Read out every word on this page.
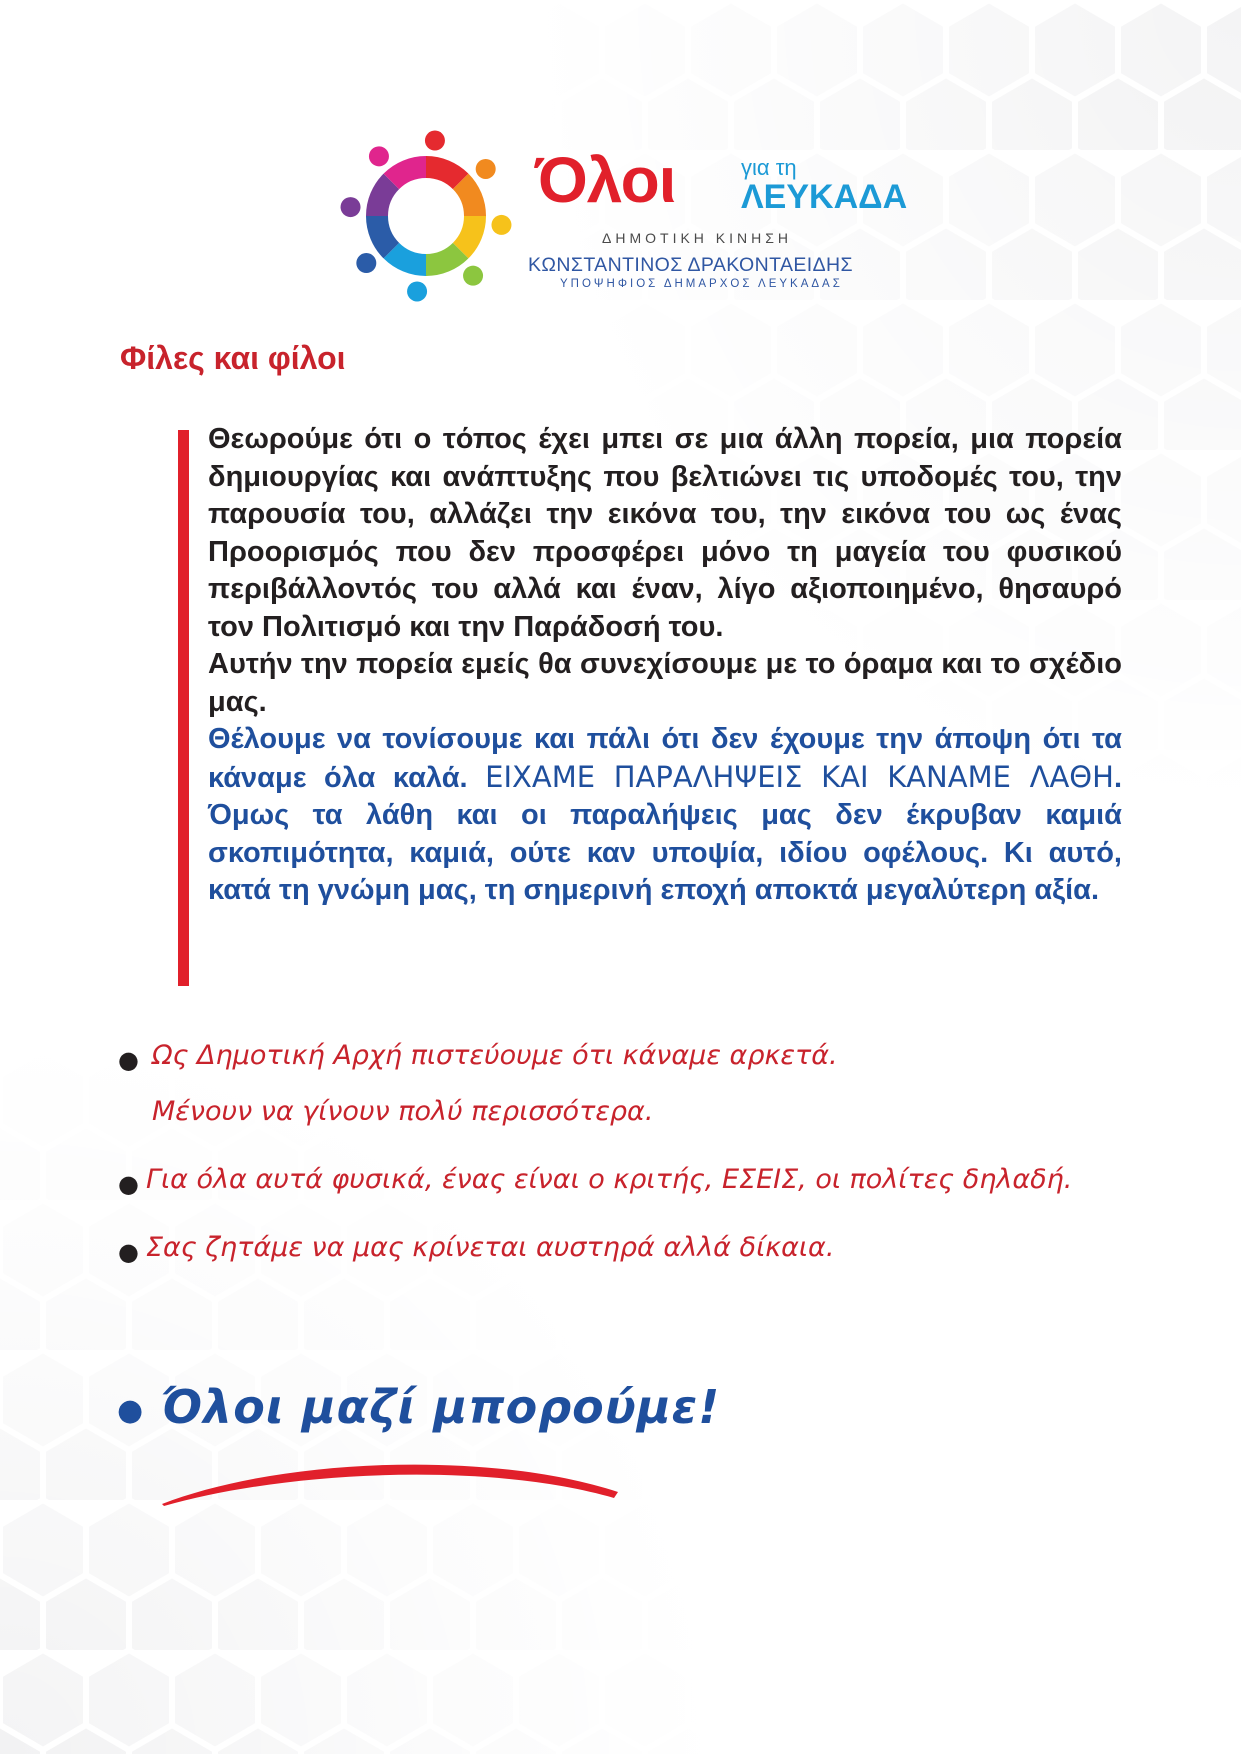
Όλοι	για τη
ΛΕΥΚΑΔΑ
ΔΗΜΟΤΙΚΗ ΚΙΝΗΣΗ
ΚΩΝΣΤΑΝΤΙΝΟΣ ΔΡΑΚΟΝΤΑΕΙΔΗΣ
ΥΠΟΨΗΦΙΟΣ ΔΗΜΑΡΧΟΣ ΛΕΥΚΑΔΑΣ
Φίλες και φίλοι

Θεωρούμε ότι ο τόπος έχει μπει σε μια άλλη πορεία, μια πορεία δημιουργίας και ανάπτυξης που βελτιώνει τις υποδομές του, την παρουσία του, αλλάζει την εικόνα του, την εικόνα του ως ένας Προορισμός που δεν προσφέρει μόνο τη μαγεία του φυσικού περιβάλλοντός του αλλά και έναν, λίγο αξιοποιημένο, θησαυρό τον Πολιτισμό και την Παράδοσή του.

Αυτήν την πορεία εμείς θα συνεχίσουμε με το όραμα και το σχέδιο μας.

Θέλουμε να τονίσουμε και πάλι ότι δεν έχουμε την άποψη ότι τα κάναμε όλα καλά. ΕΙΧΑΜΕ ΠΑΡΑΛΗΨΕΙΣ ΚΑΙ ΚΑΝΑΜΕ ΛΑΘΗ. Όμως τα λάθη και οι παραλήψεις μας δεν έκρυβαν καμιά σκοπιμότητα, καμιά, ούτε καν υποψία, ιδίου οφέλους. Κι αυτό, κατά τη γνώμη μας, τη σημερινή εποχή αποκτά μεγαλύτερη αξία.

● Ως Δημοτική Αρχή πιστεύουμε ότι κάναμε αρκετά.
Μένουν να γίνουν πολύ περισσότερα.
● Για όλα αυτά φυσικά, ένας είναι ο κριτής, ΕΣΕΙΣ, οι πολίτες δηλαδή.
● Σας ζητάμε να μας κρίνεται αυστηρά αλλά δίκαια.
● Όλοι μαζί μπορούμε!
